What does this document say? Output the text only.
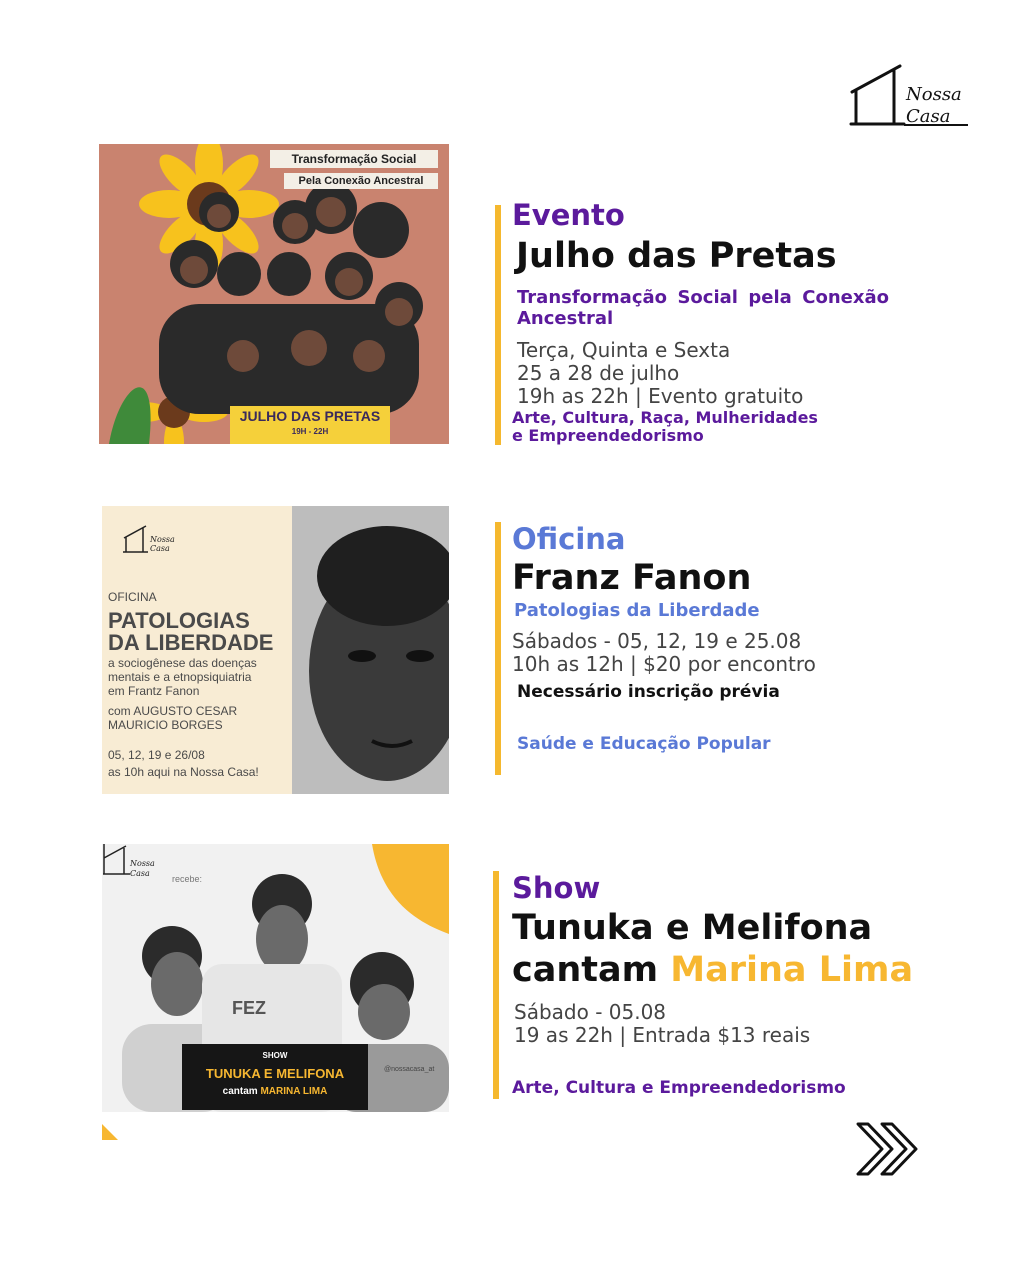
Nossa
Casa
Transformação Social
Pela Conexão Ancestral
JULHO DAS PRETAS
19H - 22H
Evento
Julho das Pretas
Transformação Social pela Conexão Ancestral
Terça, Quinta e Sexta
25 a 28 de julho
19h as 22h | Evento gratuito
Arte, Cultura, Raça, Mulheridades e Empreendedorismo
Nossa
Casa
OFICINA
PATOLOGIAS
DA LIBERDADE
a sociogênese das doenças
mentais e a etnopsiquiatria
em Frantz Fanon
com AUGUSTO CESAR
MAURICIO BORGES
05, 12, 19 e 26/08
as 10h aqui na Nossa Casa!
Oficina
Franz Fanon
Patologias da Liberdade
Sábados - 05, 12, 19 e 25.08
10h as 12h | $20 por encontro
Necessário inscrição prévia
Saúde e Educação Popular
Nossa
Casa
FEZ
recebe:
@nossacasa_at
SHOW
TUNUKA E MELIFONA
cantam MARINA LIMA
Show
Tunuka e Melifona
cantam Marina Lima
Sábado - 05.08
19 as 22h | Entrada $13 reais
Arte, Cultura e Empreendedorismo
